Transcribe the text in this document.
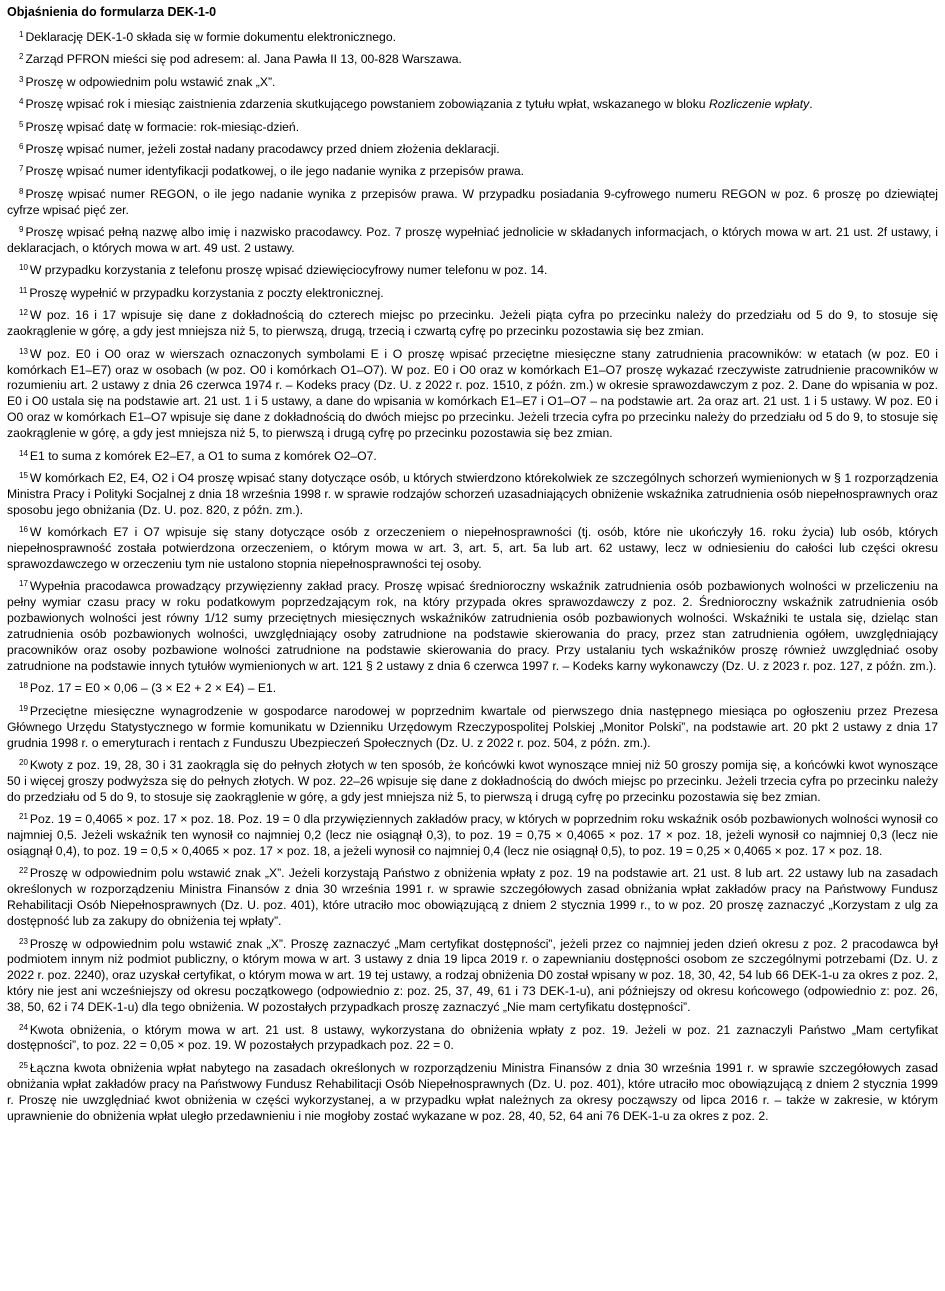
Objaśnienia do formularza DEK-1-0

$^1$ Deklarację DEK-1-0 składa się w formie dokumentu elektronicznego.

$^2$ Zarząd PFRON mieści się pod adresem: al. Jana Pawła II 13, 00-828 Warszawa.

$^3$ Proszę w odpowiednim polu wstawić znak „X”.

$^4$ Proszę wpisać rok i miesiąc zaistnienia zdarzenia skutkującego powstaniem zobowiązania z tytułu wpłat, wskazanego w bloku Rozliczenie wpłaty.

$^5$ Proszę wpisać datę w formacie: rok-miesiąc-dzień.

$^6$ Proszę wpisać numer, jeżeli został nadany pracodawcy przed dniem złożenia deklaracji.

$^7$ Proszę wpisać numer identyfikacji podatkowej, o ile jego nadanie wynika z przepisów prawa.

$^8$ Proszę wpisać numer REGON, o ile jego nadanie wynika z przepisów prawa. W przypadku posiadania 9-cyfrowego numeru REGON w poz. 6 proszę po dziewiątej cyfrze wpisać pięć zer.

$^9$ Proszę wpisać pełną nazwę albo imię i nazwisko pracodawcy. Poz. 7 proszę wypełniać jednolicie w składanych informacjach, o których mowa w art. 21 ust. 2f ustawy, i deklaracjach, o których mowa w art. 49 ust. 2 ustawy.

$^{10}$ W przypadku korzystania z telefonu proszę wpisać dziewięciocyfrowy numer telefonu w poz. 14.

$^{11}$ Proszę wypełnić w przypadku korzystania z poczty elektronicznej.

$^{12}$ W poz. 16 i 17 wpisuje się dane z dokładnością do czterech miejsc po przecinku. Jeżeli piąta cyfra po przecinku należy do przedziału od 5 do 9, to stosuje się zaokrąglenie w górę, a gdy jest mniejsza niż 5, to pierwszą, drugą, trzecią i czwartą cyfrę po przecinku pozostawia się bez zmian.

$^{13}$ W poz. E0 i O0 oraz w wierszach oznaczonych symbolami E i O proszę wpisać przeciętne miesięczne stany zatrudnienia pracowników: w etatach (w poz. E0 i komórkach E1–E7) oraz w osobach (w poz. O0 i komórkach O1–O7). W poz. E0 i O0 oraz w komórkach E1–O7 proszę wykazać rzeczywiste zatrudnienie pracowników w rozumieniu art. 2 ustawy z dnia 26 czerwca 1974 r. – Kodeks pracy (Dz. U. z 2022 r. poz. 1510, z późn. zm.) w okresie sprawozdawczym z poz. 2. Dane do wpisania w poz. E0 i O0 ustala się na podstawie art. 21 ust. 1 i 5 ustawy, a dane do wpisania w komórkach E1–E7 i O1–O7 – na podstawie art. 2a oraz art. 21 ust. 1 i 5 ustawy. W poz. E0 i O0 oraz w komórkach E1–O7 wpisuje się dane z dokładnością do dwóch miejsc po przecinku. Jeżeli trzecia cyfra po przecinku należy do przedziału od 5 do 9, to stosuje się zaokrąglenie w górę, a gdy jest mniejsza niż 5, to pierwszą i drugą cyfrę po przecinku pozostawia się bez zmian.

$^{14}$ E1 to suma z komórek E2–E7, a O1 to suma z komórek O2–O7.

$^{15}$ W komórkach E2, E4, O2 i O4 proszę wpisać stany dotyczące osób, u których stwierdzono którekolwiek ze szczególnych schorzeń wymienionych w § 1 rozporządzenia Ministra Pracy i Polityki Socjalnej z dnia 18 września 1998 r. w sprawie rodzajów schorzeń uzasadniających obniżenie wskaźnika zatrudnienia osób niepełnosprawnych oraz sposobu jego obniżania (Dz. U. poz. 820, z późn. zm.).

$^{16}$ W komórkach E7 i O7 wpisuje się stany dotyczące osób z orzeczeniem o niepełnosprawności (tj. osób, które nie ukończyły 16. roku życia) lub osób, których niepełnosprawność została potwierdzona orzeczeniem, o którym mowa w art. 3, art. 5, art. 5a lub art. 62 ustawy, lecz w odniesieniu do całości lub części okresu sprawozdawczego w orzeczeniu tym nie ustalono stopnia niepełnosprawności tej osoby.

$^{17}$ Wypełnia pracodawca prowadzący przywięzienny zakład pracy. Proszę wpisać średnioroczny wskaźnik zatrudnienia osób pozbawionych wolności w przeliczeniu na pełny wymiar czasu pracy w roku podatkowym poprzedzającym rok, na który przypada okres sprawozdawczy z poz. 2. Średnioroczny wskaźnik zatrudnienia osób pozbawionych wolności jest równy 1/12 sumy przeciętnych miesięcznych wskaźników zatrudnienia osób pozbawionych wolności. Wskaźniki te ustala się, dzieląc stan zatrudnienia osób pozbawionych wolności, uwzględniający osoby zatrudnione na podstawie skierowania do pracy, przez stan zatrudnienia ogółem, uwzględniający pracowników oraz osoby pozbawione wolności zatrudnione na podstawie skierowania do pracy. Przy ustalaniu tych wskaźników proszę również uwzględniać osoby zatrudnione na podstawie innych tytułów wymienionych w art. 121 § 2 ustawy z dnia 6 czerwca 1997 r. – Kodeks karny wykonawczy (Dz. U. z 2023 r. poz. 127, z późn. zm.).

$^{18}$ Poz. 17 = E0 × 0,06 – (3 × E2 + 2 × E4) – E1.

$^{19}$ Przeciętne miesięczne wynagrodzenie w gospodarce narodowej w poprzednim kwartale od pierwszego dnia następnego miesiąca po ogłoszeniu przez Prezesa Głównego Urzędu Statystycznego w formie komunikatu w Dzienniku Urzędowym Rzeczypospolitej Polskiej „Monitor Polski”, na podstawie art. 20 pkt 2 ustawy z dnia 17 grudnia 1998 r. o emeryturach i rentach z Funduszu Ubezpieczeń Społecznych (Dz. U. z 2022 r. poz. 504, z późn. zm.).

$^{20}$ Kwoty z poz. 19, 28, 30 i 31 zaokrągla się do pełnych złotych w ten sposób, że końcówki kwot wynoszące mniej niż 50 groszy pomija się, a końcówki kwot wynoszące 50 i więcej groszy podwyższa się do pełnych złotych. W poz. 22–26 wpisuje się dane z dokładnością do dwóch miejsc po przecinku. Jeżeli trzecia cyfra po przecinku należy do przedziału od 5 do 9, to stosuje się zaokrąglenie w górę, a gdy jest mniejsza niż 5, to pierwszą i drugą cyfrę po przecinku pozostawia się bez zmian.

$^{21}$ Poz. 19 = 0,4065 × poz. 17 × poz. 18. Poz. 19 = 0 dla przywięziennych zakładów pracy, w których w poprzednim roku wskaźnik osób pozbawionych wolności wynosił co najmniej 0,5. Jeżeli wskaźnik ten wynosił co najmniej 0,2 (lecz nie osiągnął 0,3), to poz. 19 = 0,75 × 0,4065 × poz. 17 × poz. 18, jeżeli wynosił co najmniej 0,3 (lecz nie osiągnął 0,4), to poz. 19 = 0,5 × 0,4065 × poz. 17 × poz. 18, a jeżeli wynosił co najmniej 0,4 (lecz nie osiągnął 0,5), to poz. 19 = 0,25 × 0,4065 × poz. 17 × poz. 18.

$^{22}$ Proszę w odpowiednim polu wstawić znak „X”. Jeżeli korzystają Państwo z obniżenia wpłaty z poz. 19 na podstawie art. 21 ust. 8 lub art. 22 ustawy lub na zasadach określonych w rozporządzeniu Ministra Finansów z dnia 30 września 1991 r. w sprawie szczegółowych zasad obniżania wpłat zakładów pracy na Państwowy Fundusz Rehabilitacji Osób Niepełnosprawnych (Dz. U. poz. 401), które utraciło moc obowiązującą z dniem 2 stycznia 1999 r., to w poz. 20 proszę zaznaczyć „Korzystam z ulg za dostępność lub za zakupy do obniżenia tej wpłaty”.

$^{23}$ Proszę w odpowiednim polu wstawić znak „X”. Proszę zaznaczyć „Mam certyfikat dostępności”, jeżeli przez co najmniej jeden dzień okresu z poz. 2 pracodawca był podmiotem innym niż podmiot publiczny, o którym mowa w art. 3 ustawy z dnia 19 lipca 2019 r. o zapewnianiu dostępności osobom ze szczególnymi potrzebami (Dz. U. z 2022 r. poz. 2240), oraz uzyskał certyfikat, o którym mowa w art. 19 tej ustawy, a rodzaj obniżenia D0 został wpisany w poz. 18, 30, 42, 54 lub 66 DEK-1-u za okres z poz. 2, który nie jest ani wcześniejszy od okresu początkowego (odpowiednio z: poz. 25, 37, 49, 61 i 73 DEK-1-u), ani późniejszy od okresu końcowego (odpowiednio z: poz. 26, 38, 50, 62 i 74 DEK-1-u) dla tego obniżenia. W pozostałych przypadkach proszę zaznaczyć „Nie mam certyfikatu dostępności”.

$^{24}$ Kwota obniżenia, o którym mowa w art. 21 ust. 8 ustawy, wykorzystana do obniżenia wpłaty z poz. 19. Jeżeli w poz. 21 zaznaczyli Państwo „Mam certyfikat dostępności”, to poz. 22 = 0,05 × poz. 19. W pozostałych przypadkach poz. 22 = 0.

$^{25}$ Łączna kwota obniżenia wpłat nabytego na zasadach określonych w rozporządzeniu Ministra Finansów z dnia 30 września 1991 r. w sprawie szczegółowych zasad obniżania wpłat zakładów pracy na Państwowy Fundusz Rehabilitacji Osób Niepełnosprawnych (Dz. U. poz. 401), które utraciło moc obowiązującą z dniem 2 stycznia 1999 r. Proszę nie uwzględniać kwot obniżenia w części wykorzystanej, a w przypadku wpłat należnych za okresy począwszy od lipca 2016 r. – także w zakresie, w którym uprawnienie do obniżenia wpłat uległo przedawnieniu i nie mogłoby zostać wykazane w poz. 28, 40, 52, 64 ani 76 DEK-1-u za okres z poz. 2.
